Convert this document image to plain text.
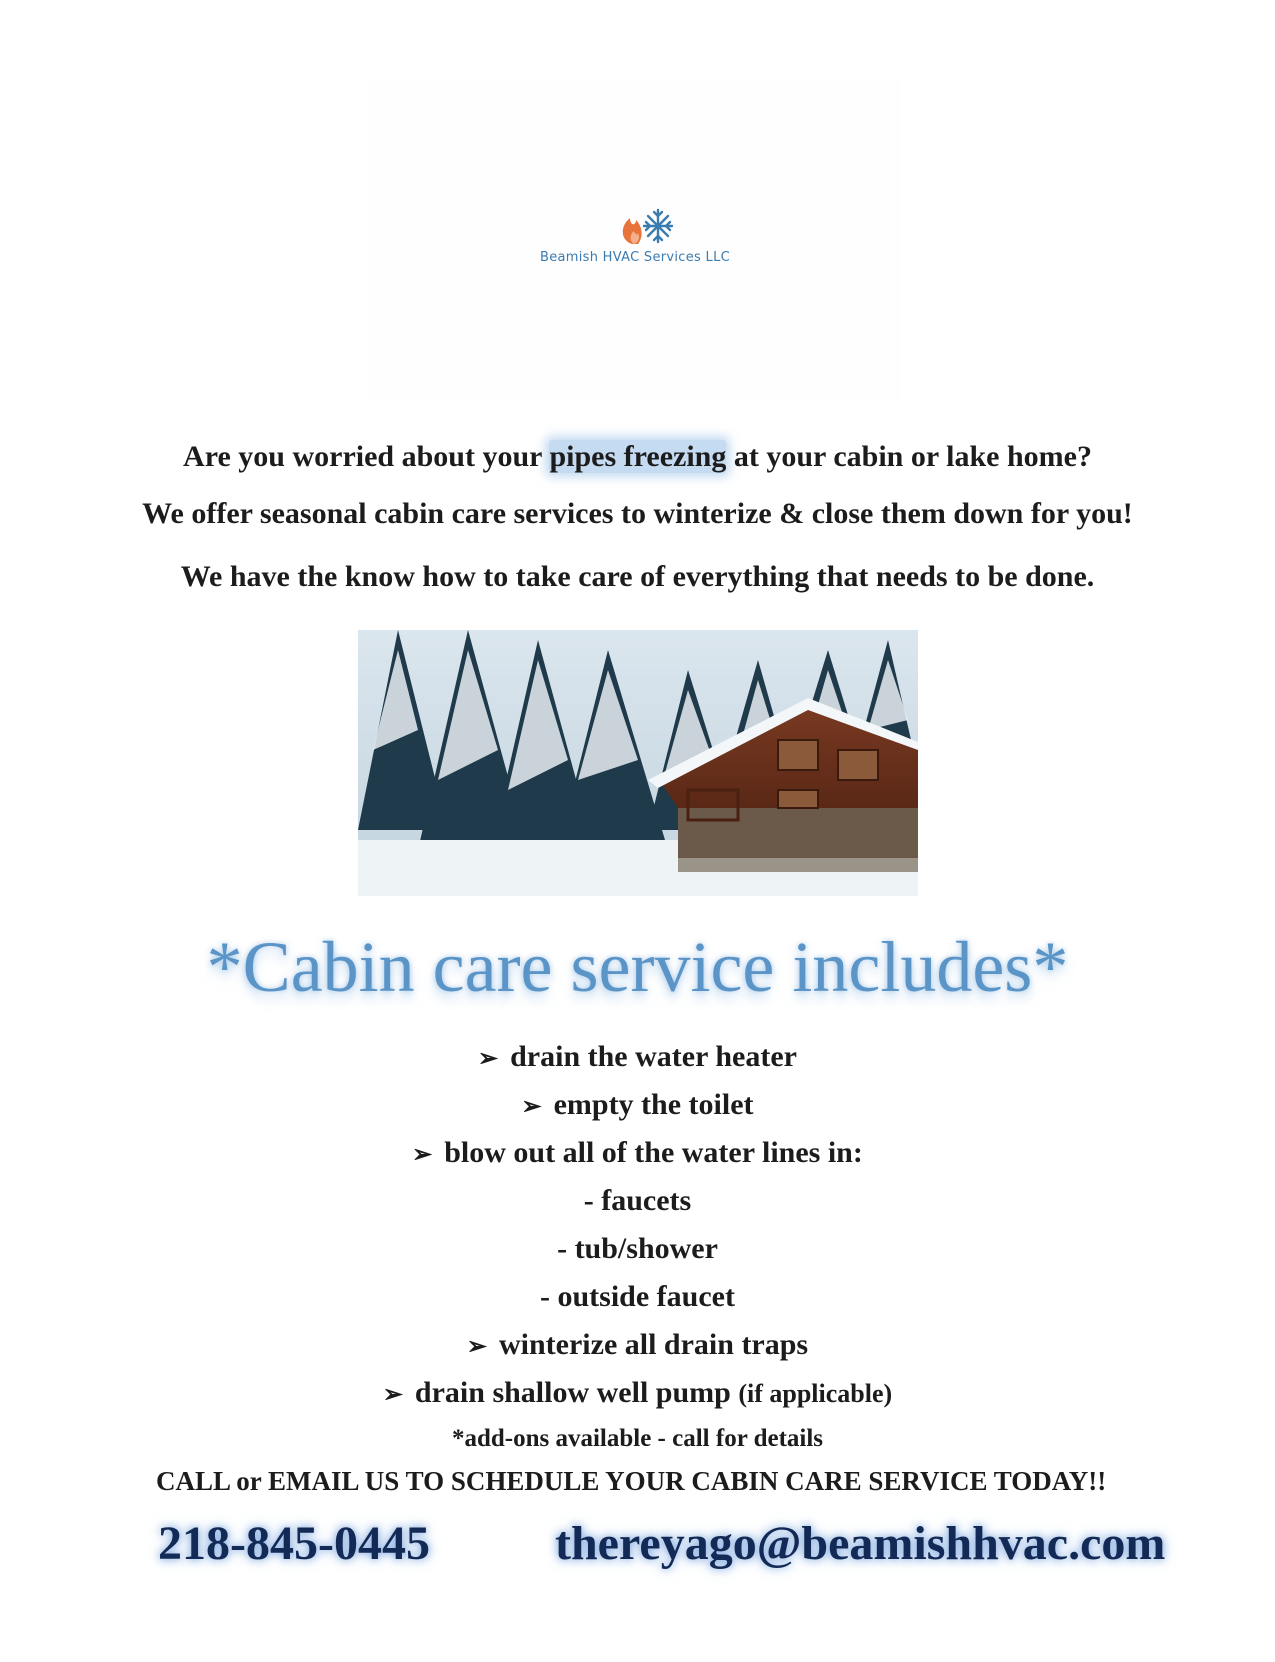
Beamish HVAC Services LLC
Are you worried about your pipes freezing at your cabin or lake home?
We offer seasonal cabin care services to winterize & close them down for you!
We have the know how to take care of everything that needs to be done.
*Cabin care service includes*
➢ drain the water heater
➢ empty the toilet
➢ blow out all of the water lines in:
- faucets
- tub/shower
- outside faucet
➢ winterize all drain traps
➢ drain shallow well pump (if applicable)
*add-ons available - call for details
CALL or EMAIL US TO SCHEDULE YOUR CABIN CARE SERVICE TODAY!!
218-845-0445	thereyago@beamishhvac.com
